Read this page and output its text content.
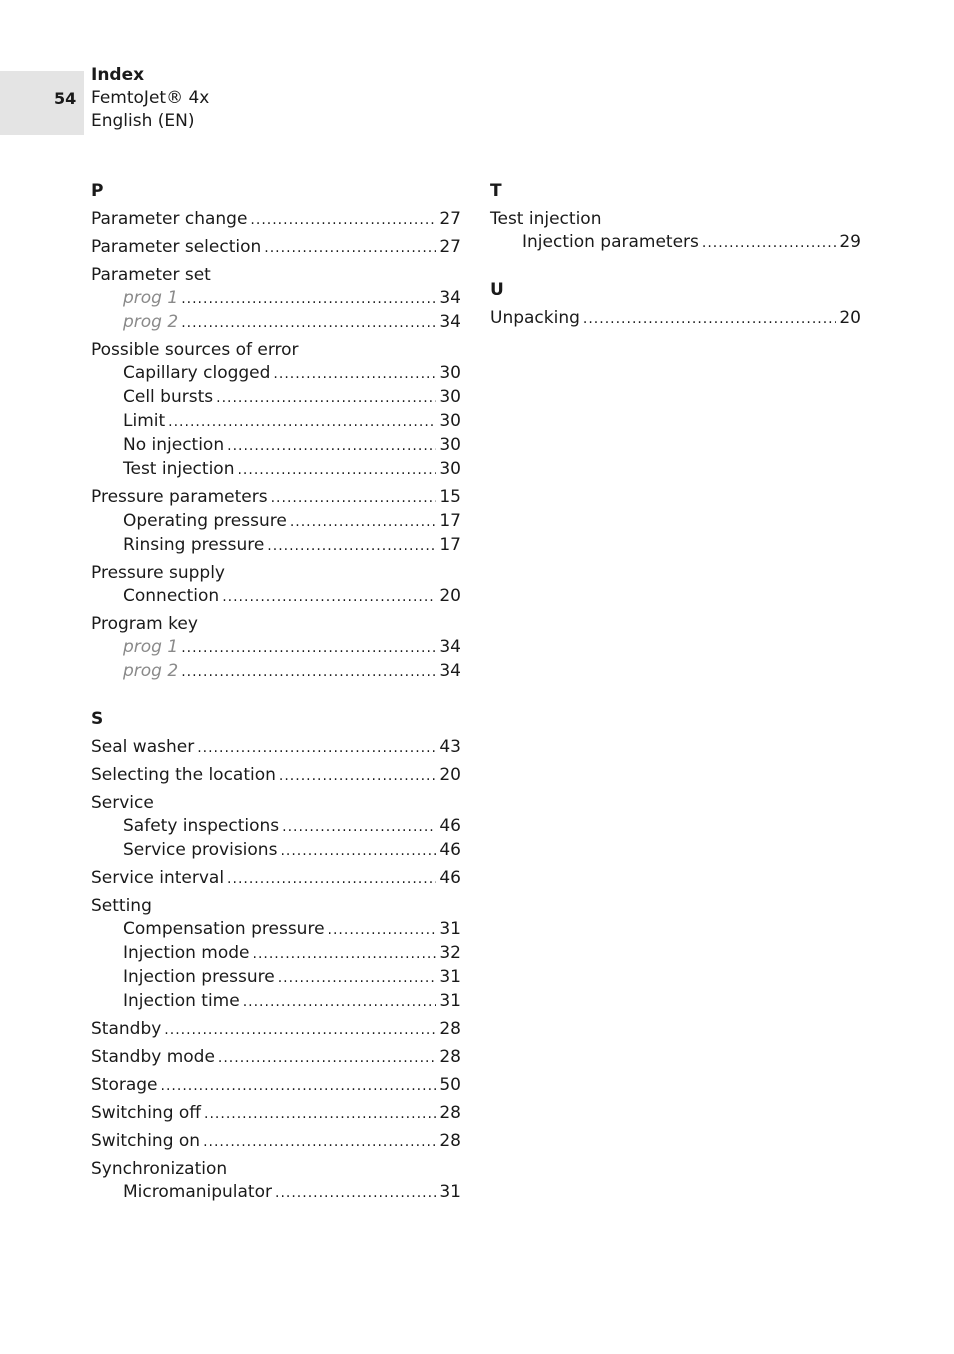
54
Index
FemtoJet® 4x
English (EN)
P
Parameter change .....	27
Parameter selection .....	27
Parameter set
prog 1 .....	34
prog 2 .....	34
Possible sources of error
Capillary clogged .....	30
Cell bursts .....	30
Limit .....	30
No injection .....	30
Test injection .....	30
Pressure parameters .....	15
Operating pressure .....	17
Rinsing pressure .....	17
Pressure supply
Connection .....	20
Program key
prog 1 .....	34
prog 2 .....	34
S
Seal washer .....	43
Selecting the location .....	20
Service
Safety inspections .....	46
Service provisions .....	46
Service interval .....	46
Setting
Compensation pressure .....	31
Injection mode .....	32
Injection pressure .....	31
Injection time .....	31
Standby .....	28
Standby mode .....	28
Storage .....	50
Switching off .....	28
Switching on .....	28
Synchronization
Micromanipulator .....	31
T
Test injection
Injection parameters .....	29
U
Unpacking .....	20
